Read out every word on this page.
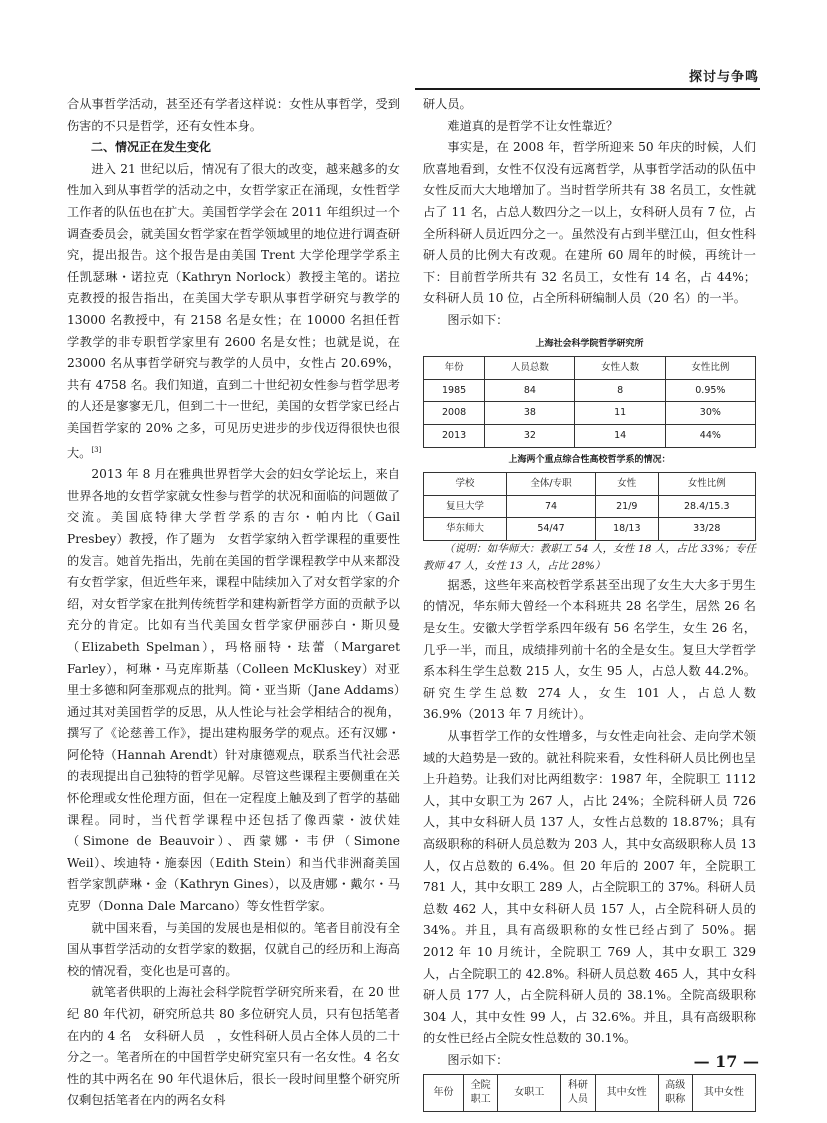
探讨与争鸣

合从事哲学活动，甚至还有学者这样说：女性从事哲学，受到伤害的不只是哲学，还有女性本身。

二、情况正在发生变化

进入 21 世纪以后，情况有了很大的改变，越来越多的女性加入到从事哲学的活动之中，女哲学家正在涌现，女性哲学工作者的队伍也在扩大。美国哲学学会在 2011 年组织过一个调查委员会，就美国女哲学家在哲学领域里的地位进行调查研究，提出报告。这个报告是由美国 Trent 大学伦理学学系主任凯瑟琳・诺拉克（Kathryn Norlock）教授主笔的。诺拉克教授的报告指出，在美国大学专职从事哲学研究与教学的 13000 名教授中，有 2158 名是女性；在 10000 名担任哲学教学的非专职哲学家里有 2600 名是女性；也就是说，在 23000 名从事哲学研究与教学的人员中，女性占 20.69%，共有 4758 名。我们知道，直到二十世纪初女性参与哲学思考的人还是寥寥无几，但到二十一世纪，美国的女哲学家已经占美国哲学家的 20% 之多，可见历史进步的步伐迈得很快也很大。[3]

2013 年 8 月在雅典世界哲学大会的妇女学论坛上，来自世界各地的女哲学家就女性参与哲学的状况和面临的问题做了交流。美国底特律大学哲学系的吉尔・帕内比（Gail Presbey）教授，作了题为　女哲学家纳入哲学课程的重要性　的发言。她首先指出，先前在美国的哲学课程教学中从来都没有女哲学家，但近些年来，课程中陆续加入了对女哲学家的介绍，对女哲学家在批判传统哲学和建构新哲学方面的贡献予以充分的肯定。比如有当代美国女哲学家伊丽莎白・斯贝曼（Elizabeth Spelman），玛格丽特・珐蕾（Margaret Farley），柯琳・马克库斯基（Colleen McKluskey）对亚里士多德和阿奎那观点的批判。简・亚当斯（Jane Addams）通过其对美国哲学的反思，从人性论与社会学相结合的视角，撰写了《论慈善工作》，提出建构服务学的观点。还有汉娜・阿伦特（Hannah Arendt）针对康德观点，联系当代社会恶的表现提出自己独特的哲学见解。尽管这些课程主要侧重在关怀伦理或女性伦理方面，但在一定程度上触及到了哲学的基础课程。同时，当代哲学课程中还包括了像西蒙・波伏娃（Simone de Beauvoir）、西蒙娜・韦伊（Simone Weil）、埃迪特・施泰因（Edith Stein）和当代非洲裔美国哲学家凯萨琳・金（Kathryn Gines），以及唐娜・戴尔・马克罗（Donna Dale Marcano）等女性哲学家。

就中国来看，与美国的发展也是相似的。笔者目前没有全国从事哲学活动的女哲学家的数据，仅就自己的经历和上海高校的情况看，变化也是可喜的。

就笔者供职的上海社会科学院哲学研究所来看，在 20 世纪 80 年代初，研究所总共 80 多位研究人员，只有包括笔者在内的 4 名　女科研人员　，女性科研人员占全体人员的二十分之一。笔者所在的中国哲学史研究室只有一名女性。4 名女性的其中两名在 90 年代退休后，很长一段时间里整个研究所仅剩包括笔者在内的两名女科

研人员。

难道真的是哲学不让女性靠近？

事实是，在 2008 年，哲学所迎来 50 年庆的时候，人们欣喜地看到，女性不仅没有远离哲学，从事哲学活动的队伍中女性反而大大地增加了。当时哲学所共有 38 名员工，女性就占了 11 名，占总人数四分之一以上，女科研人员有 7 位，占全所科研人员近四分之一。虽然没有占到半壁江山，但女性科研人员的比例大有改观。在建所 60 周年的时候，再统计一下：目前哲学所共有 32 名员工，女性有 14 名，占 44%；女科研人员 10 位，占全所科研编制人员（20 名）的一半。

图示如下：

上海社会科学院哲学研究所
年份	人员总数	女性人数	女性比例
1985	84	8	0.95%
2008	38	11	30%
2013	32	14	44%
上海两个重点综合性高校哲学系的情况：
学校	全体/专职	女性	女性比例
复旦大学	74	21/9	28.4/15.3
华东师大	54/47	18/13	33/28

（说明：如华师大：教职工 54 人，女性 18 人，占比 33%；专任教师 47 人，女性 13 人，占比 28%）

据悉，这些年来高校哲学系甚至出现了女生大大多于男生的情况，华东师大曾经一个本科班共 28 名学生，居然 26 名是女生。安徽大学哲学系四年级有 56 名学生，女生 26 名，几乎一半，而且，成绩排列前十名的全是女生。复旦大学哲学系本科生学生总数 215 人，女生 95 人，占总人数 44.2%。研究生学生总数 274 人，女生 101 人，占总人数 36.9%（2013 年 7 月统计）。

从事哲学工作的女性增多，与女性走向社会、走向学术领域的大趋势是一致的。就社科院来看，女性科研人员比例也呈上升趋势。让我们对比两组数字：1987 年，全院职工 1112 人，其中女职工为 267 人，占比 24%；全院科研人员 726 人，其中女科研人员 137 人，女性占总数的 18.87%；具有高级职称的科研人员总数为 203 人，其中女高级职称人员 13 人，仅占总数的 6.4%。但 20 年后的 2007 年，全院职工 781 人，其中女职工 289 人，占全院职工的 37%。科研人员总数 462 人，其中女科研人员 157 人，占全院科研人员的 34%。并且，具有高级职称的女性已经占到了 50%。据 2012 年 10 月统计，全院职工 769 人，其中女职工 329 人，占全院职工的 42.8%。科研人员总数 465 人，其中女科研人员 177 人，占全院科研人员的 38.1%。全院高级职称 304 人，其中女性 99 人，占 32.6%。并且，具有高级职称的女性已经占全院女性总数的 30.1%。

图示如下：

年份	全院职工	女职工	科研人员	其中女性	高级职称	其中女性
— 17 —
